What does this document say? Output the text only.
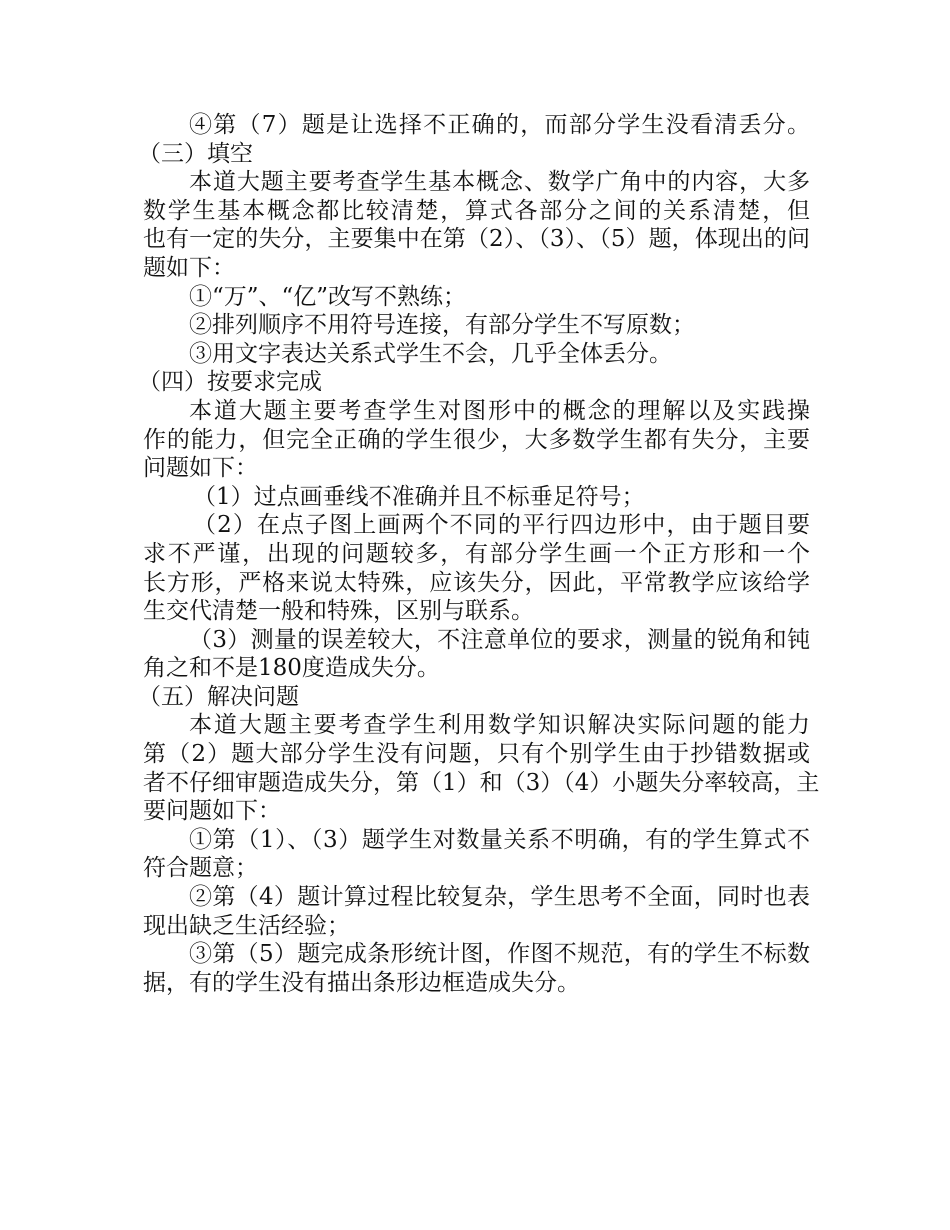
④第（7）题是让选择不正确的，而部分学生没看清丢分。
（三）填空
本道大题主要考查学生基本概念、数学广角中的内容，大多
数学生基本概念都比较清楚，算式各部分之间的关系清楚，但
也有一定的失分，主要集中在第（2）、（3）、（5）题，体现出的问
题如下：
①“万”、“亿”改写不熟练；
②排列顺序不用符号连接，有部分学生不写原数；
③用文字表达关系式学生不会，几乎全体丢分。
（四）按要求完成
本道大题主要考查学生对图形中的概念的理解以及实践操
作的能力，但完全正确的学生很少，大多数学生都有失分，主要
问题如下：
（1）过点画垂线不准确并且不标垂足符号；
（2）在点子图上画两个不同的平行四边形中，由于题目要
求不严谨，出现的问题较多，有部分学生画一个正方形和一个
长方形，严格来说太特殊，应该失分，因此，平常教学应该给学
生交代清楚一般和特殊，区别与联系。
（3）测量的误差较大，不注意单位的要求，测量的锐角和钝
角之和不是180度造成失分。
（五）解决问题
本道大题主要考查学生利用数学知识解决实际问题的能力
第（2）题大部分学生没有问题，只有个别学生由于抄错数据或
者不仔细审题造成失分，第（1）和（3）（4）小题失分率较高，主
要问题如下：
①第（1）、（3）题学生对数量关系不明确，有的学生算式不
符合题意；
②第（4）题计算过程比较复杂，学生思考不全面，同时也表
现出缺乏生活经验；
③第（5）题完成条形统计图，作图不规范，有的学生不标数
据，有的学生没有描出条形边框造成失分。
